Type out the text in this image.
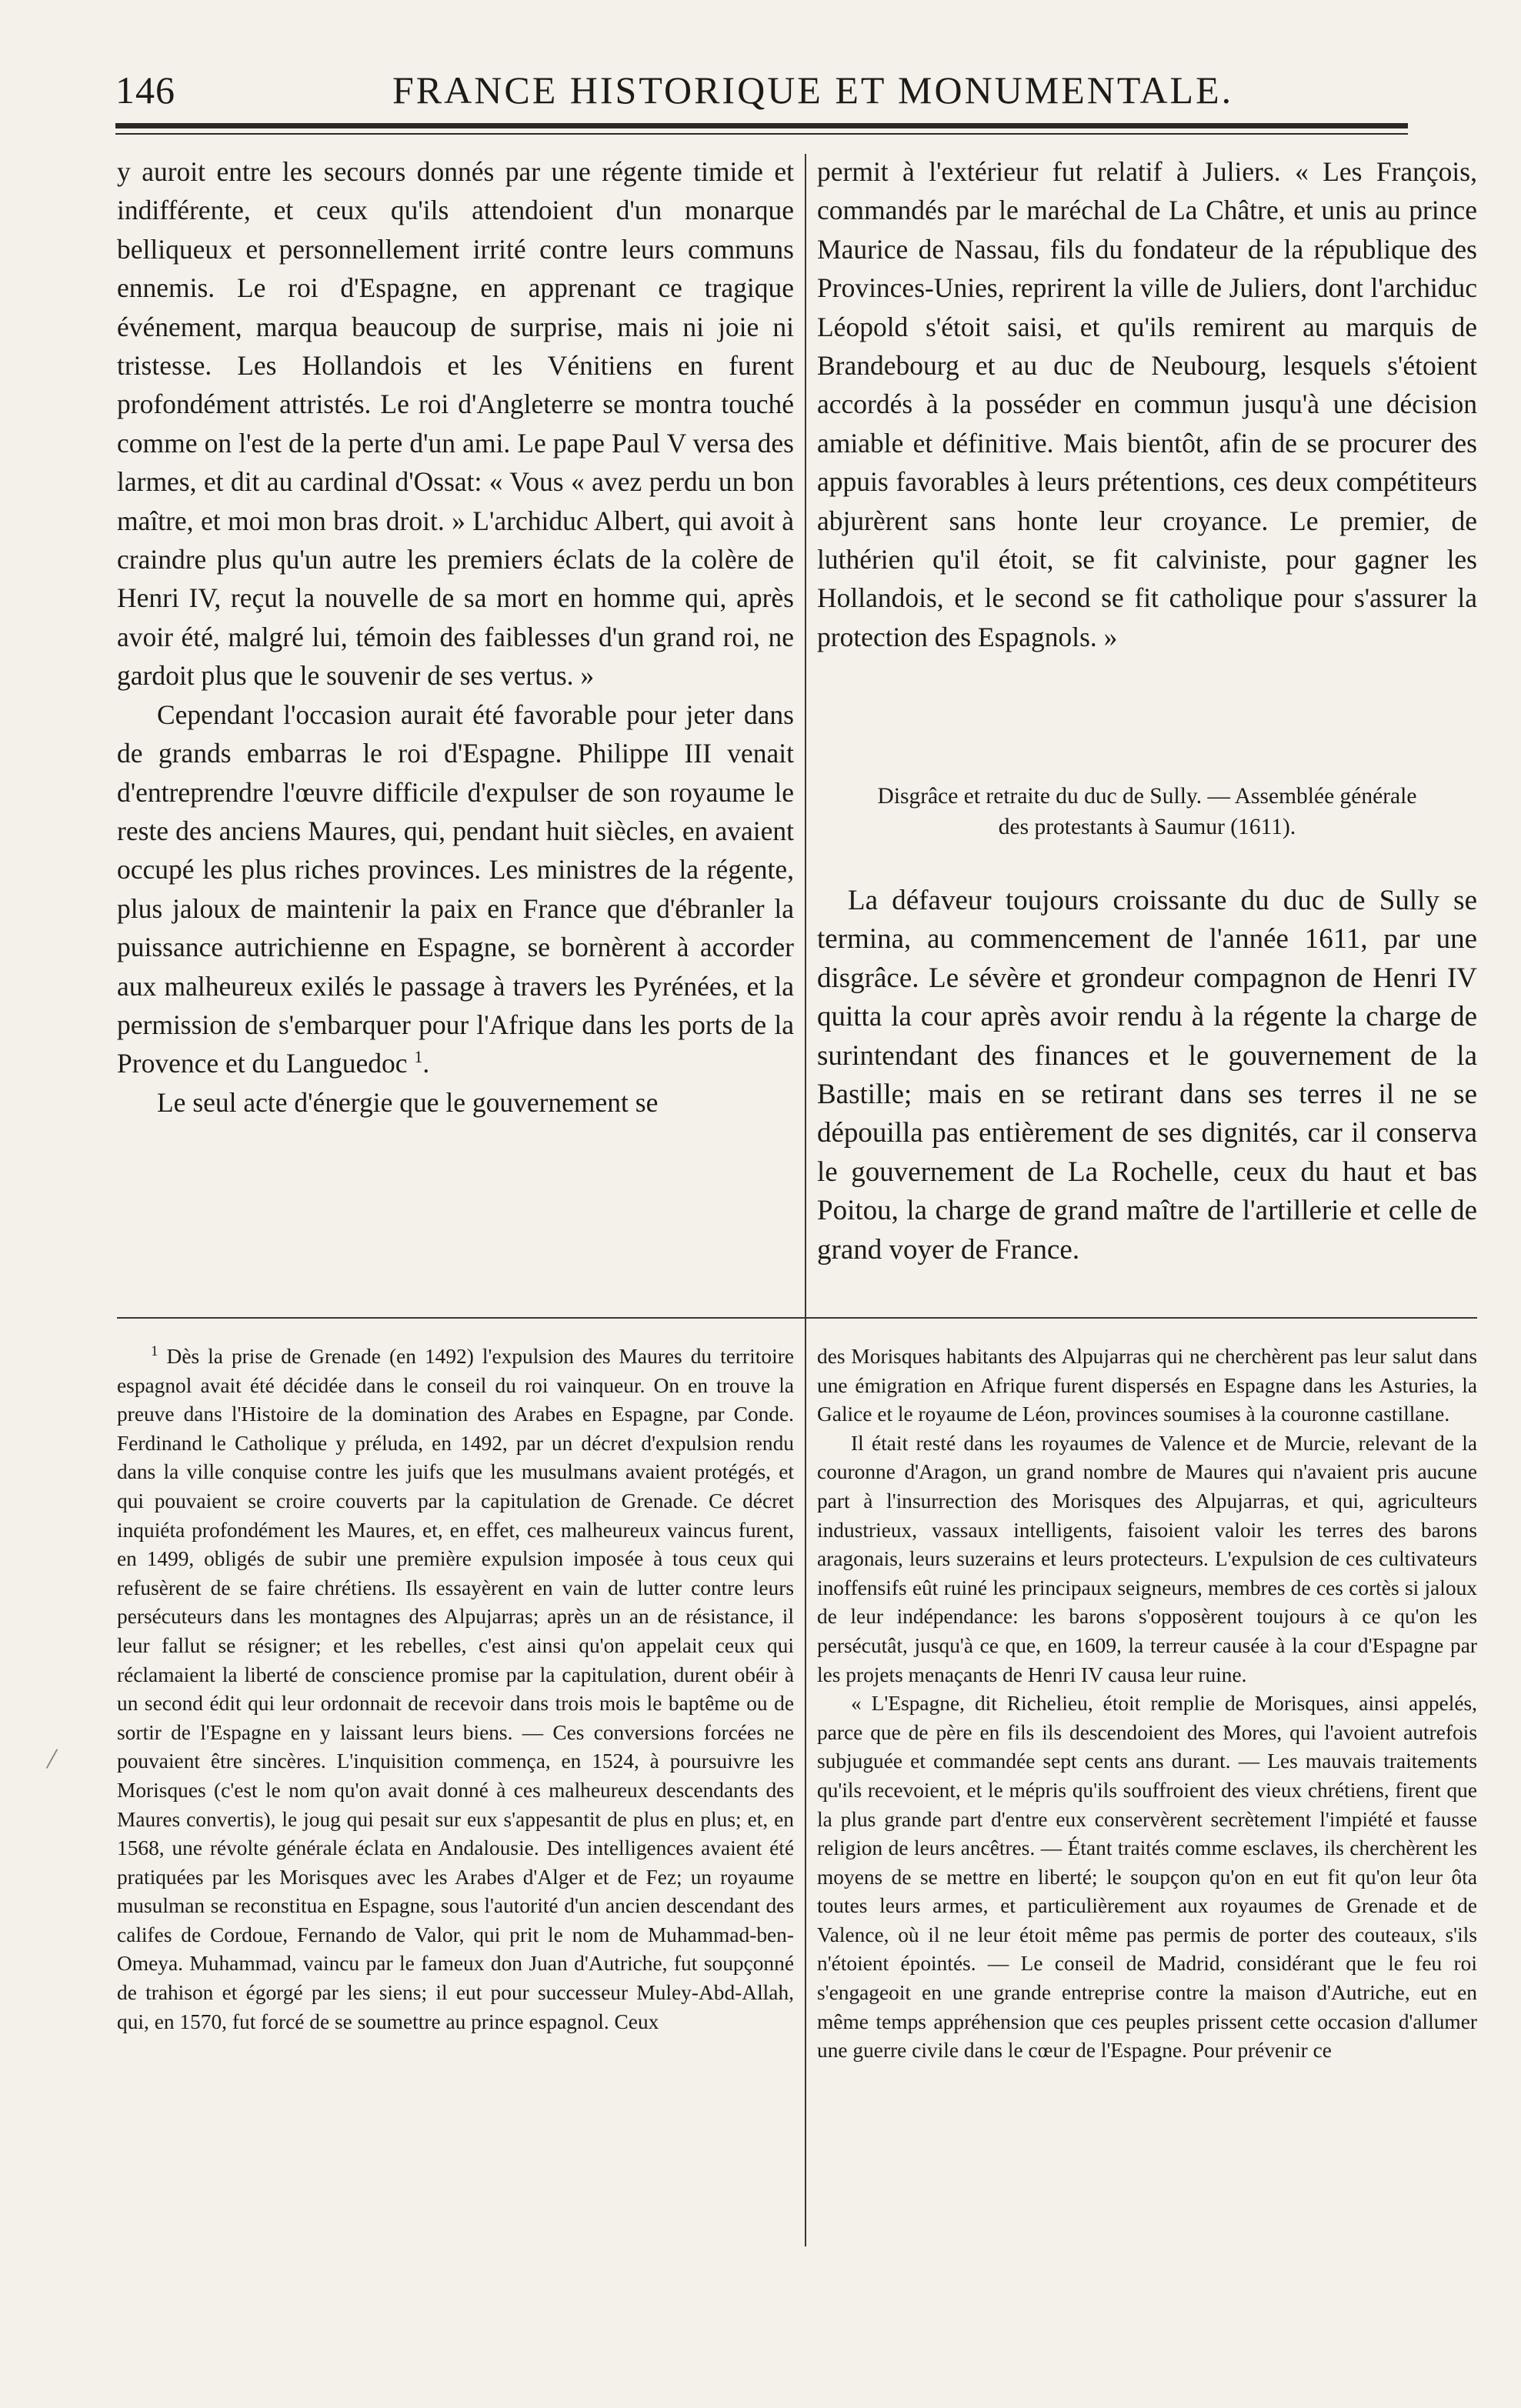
146	FRANCE HISTORIQUE ET MONUMENTALE.

y auroit entre les secours donnés par une régente timide et indifférente, et ceux qu'ils attendoient d'un monarque belliqueux et personnellement irrité contre leurs communs ennemis. Le roi d'Espagne, en apprenant ce tragique événement, marqua beaucoup de surprise, mais ni joie ni tristesse. Les Hollandois et les Vénitiens en furent profondément attristés. Le roi d'Angleterre se montra touché comme on l'est de la perte d'un ami. Le pape Paul V versa des larmes, et dit au cardinal d'Ossat: « Vous « avez perdu un bon maître, et moi mon bras droit. » L'archiduc Albert, qui avoit à craindre plus qu'un autre les premiers éclats de la colère de Henri IV, reçut la nouvelle de sa mort en homme qui, après avoir été, malgré lui, témoin des faiblesses d'un grand roi, ne gardoit plus que le souvenir de ses vertus. »

Cependant l'occasion aurait été favorable pour jeter dans de grands embarras le roi d'Espagne. Philippe III venait d'entreprendre l'œuvre difficile d'expulser de son royaume le reste des anciens Maures, qui, pendant huit siècles, en avaient occupé les plus riches provinces. Les ministres de la régente, plus jaloux de maintenir la paix en France que d'ébranler la puissance autrichienne en Espagne, se bornèrent à accorder aux malheureux exilés le passage à travers les Pyrénées, et la permission de s'embarquer pour l'Afrique dans les ports de la Provence et du Languedoc $^1$.

Le seul acte d'énergie que le gouvernement se

permit à l'extérieur fut relatif à Juliers. « Les François, commandés par le maréchal de La Châtre, et unis au prince Maurice de Nassau, fils du fondateur de la république des Provinces-Unies, reprirent la ville de Juliers, dont l'archiduc Léopold s'étoit saisi, et qu'ils remirent au marquis de Brandebourg et au duc de Neubourg, lesquels s'étoient accordés à la posséder en commun jusqu'à une décision amiable et définitive. Mais bientôt, afin de se procurer des appuis favorables à leurs prétentions, ces deux compétiteurs abjurèrent sans honte leur croyance. Le premier, de luthérien qu'il étoit, se fit calviniste, pour gagner les Hollandois, et le second se fit catholique pour s'assurer la protection des Espagnols. »

Disgrâce et retraite du duc de Sully. — Assemblée générale
des protestants à Saumur (1611).

La défaveur toujours croissante du duc de Sully se termina, au commencement de l'année 1611, par une disgrâce. Le sévère et grondeur compagnon de Henri IV quitta la cour après avoir rendu à la régente la charge de surintendant des finances et le gouvernement de la Bastille; mais en se retirant dans ses terres il ne se dépouilla pas entièrement de ses dignités, car il conserva le gouvernement de La Rochelle, ceux du haut et bas Poitou, la charge de grand maître de l'artillerie et celle de grand voyer de France.

$^1$ Dès la prise de Grenade (en 1492) l'expulsion des Maures du territoire espagnol avait été décidée dans le conseil du roi vainqueur. On en trouve la preuve dans l'Histoire de la domination des Arabes en Espagne, par Conde. Ferdinand le Catholique y préluda, en 1492, par un décret d'expulsion rendu dans la ville conquise contre les juifs que les musulmans avaient protégés, et qui pouvaient se croire couverts par la capitulation de Grenade. Ce décret inquiéta profondément les Maures, et, en effet, ces malheureux vaincus furent, en 1499, obligés de subir une première expulsion imposée à tous ceux qui refusèrent de se faire chrétiens. Ils essayèrent en vain de lutter contre leurs persécuteurs dans les montagnes des Alpujarras; après un an de résistance, il leur fallut se résigner; et les rebelles, c'est ainsi qu'on appelait ceux qui réclamaient la liberté de conscience promise par la capitulation, durent obéir à un second édit qui leur ordonnait de recevoir dans trois mois le baptême ou de sortir de l'Espagne en y laissant leurs biens. — Ces conversions forcées ne pouvaient être sincères. L'inquisition commença, en 1524, à poursuivre les Morisques (c'est le nom qu'on avait donné à ces malheureux descendants des Maures convertis), le joug qui pesait sur eux s'appesantit de plus en plus; et, en 1568, une révolte générale éclata en Andalousie. Des intelligences avaient été pratiquées par les Morisques avec les Arabes d'Alger et de Fez; un royaume musulman se reconstitua en Espagne, sous l'autorité d'un ancien descendant des califes de Cordoue, Fernando de Valor, qui prit le nom de Muhammad-ben-Omeya. Muhammad, vaincu par le fameux don Juan d'Autriche, fut soupçonné de trahison et égorgé par les siens; il eut pour successeur Muley-Abd-Allah, qui, en 1570, fut forcé de se soumettre au prince espagnol. Ceux

des Morisques habitants des Alpujarras qui ne cherchèrent pas leur salut dans une émigration en Afrique furent dispersés en Espagne dans les Asturies, la Galice et le royaume de Léon, provinces soumises à la couronne castillane.

Il était resté dans les royaumes de Valence et de Murcie, relevant de la couronne d'Aragon, un grand nombre de Maures qui n'avaient pris aucune part à l'insurrection des Morisques des Alpujarras, et qui, agriculteurs industrieux, vassaux intelligents, faisoient valoir les terres des barons aragonais, leurs suzerains et leurs protecteurs. L'expulsion de ces cultivateurs inoffensifs eût ruiné les principaux seigneurs, membres de ces cortès si jaloux de leur indépendance: les barons s'opposèrent toujours à ce qu'on les persécutât, jusqu'à ce que, en 1609, la terreur causée à la cour d'Espagne par les projets menaçants de Henri IV causa leur ruine.

« L'Espagne, dit Richelieu, étoit remplie de Morisques, ainsi appelés, parce que de père en fils ils descendoient des Mores, qui l'avoient autrefois subjuguée et commandée sept cents ans durant. — Les mauvais traitements qu'ils recevoient, et le mépris qu'ils souffroient des vieux chrétiens, firent que la plus grande part d'entre eux conservèrent secrètement l'impiété et fausse religion de leurs ancêtres. — Étant traités comme esclaves, ils cherchèrent les moyens de se mettre en liberté; le soupçon qu'on en eut fit qu'on leur ôta toutes leurs armes, et particulièrement aux royaumes de Grenade et de Valence, où il ne leur étoit même pas permis de porter des couteaux, s'ils n'étoient épointés. — Le conseil de Madrid, considérant que le feu roi s'engageoit en une grande entreprise contre la maison d'Autriche, eut en même temps appréhension que ces peuples prissent cette occasion d'allumer une guerre civile dans le cœur de l'Espagne. Pour prévenir ce

/
